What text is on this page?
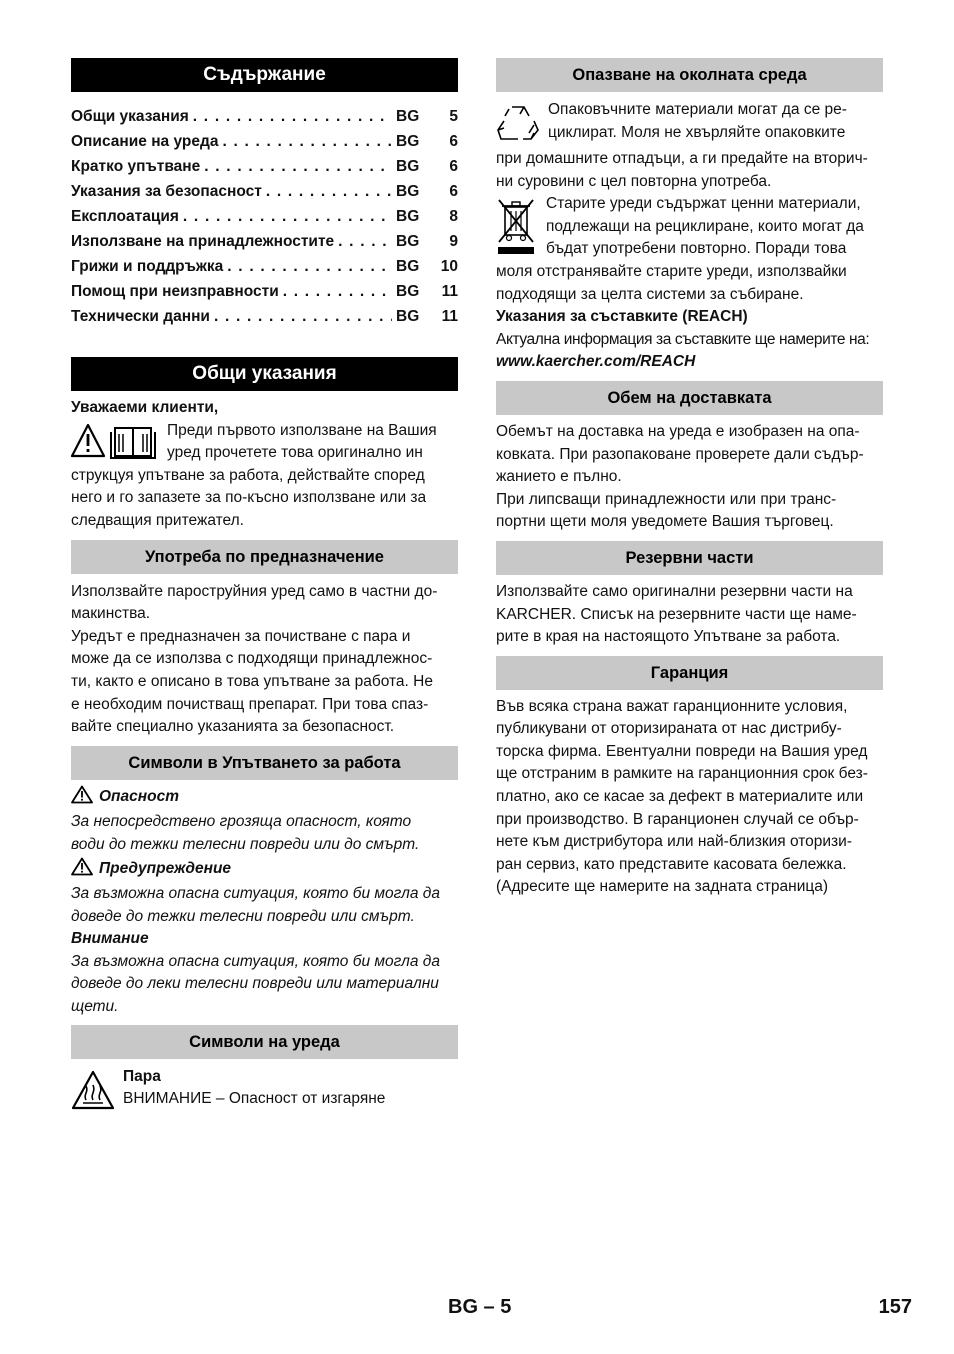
Съдържание
Общи указания . . .	BG	5
Описание на уреда . . .	BG	6
Кратко упътване . . .	BG	6
Указания за безопасност . . .	BG	6
Експлоатация . . .	BG	8
Използване на принадлежностите . . .	BG	9
Грижи и поддръжка . . .	BG	10
Помощ при неизправности . . .	BG	11
Технически данни . . .	BG	11
Общи указания

Уважаеми клиенти,

Преди първото използване на Вашия

уред прочетете това оригинално ин

струкцуя упътване за работа, действайте според

него и го запазете за по-късно използване или за

следващия притежател.

Употреба по предназначение

Използвайте пароструйния уред само в частни до-

макинства.

Уредът е предназначен за почистване с пара и

може да се използва с подходящи принадлежнос-

ти, както е описано в това упътване за работа. Не

е необходим почистващ препарат. При това спаз-

вайте специално указанията за безопасност.

Символи в Упътването за работа

Опасност

За непосредствено грозяща опасност, която

води до тежки телесни повреди или до смърт.

Предупреждение

За възможна опасна ситуация, която би могла да

доведе до тежки телесни повреди или смърт.

Внимание

За възможна опасна ситуация, която би могла да

доведе до леки телесни повреди или материални

щети.

Символи на уреда

Пара

ВНИМАНИЕ – Опасност от изгаряне

Опазване на околната среда

Опаковъчните материали могат да се ре-

циклират. Моля не хвърляйте опаковките

при домашните отпадъци, а ги предайте на вторич-

ни суровини с цел повторна употреба.

Старите уреди съдържат ценни материали,

подлежащи на рециклиране, които могат да

бъдат употребени повторно. Поради това

моля отстранявайте старите уреди, използвайки

подходящи за целта системи за събиране.

Указания за съставките (REACH)

Актуална информация за съставките ще намерите на:

www.kaercher.com/REACH

Обем на доставката

Обемът на доставка на уреда е изобразен на опа-

ковката. При разопаковане проверете дали съдър-

жанието е пълно.

При липсващи принадлежности или при транс-

портни щети моля уведомете Вашия търговец.

Резервни части

Използвайте само оригинални резервни части на

KARCHER. Списък на резервните части ще наме-

рите в края на настоящото Упътване за работа.

Гаранция

Във всяка страна важат гаранционните условия,

публикувани от оторизираната от нас дистрибу-

торска фирма. Евентуални повреди на Вашия уред

ще отстраним в рамките на гаранционния срок без-

платно, ако се касае за дефект в материалите или

при производство. В гаранционен случай се обър-

нете към дистрибутора или най-близкия оторизи-

ран сервиз, като представите касовата бележка.

(Адресите ще намерите на задната страница)

BG – 5	157
